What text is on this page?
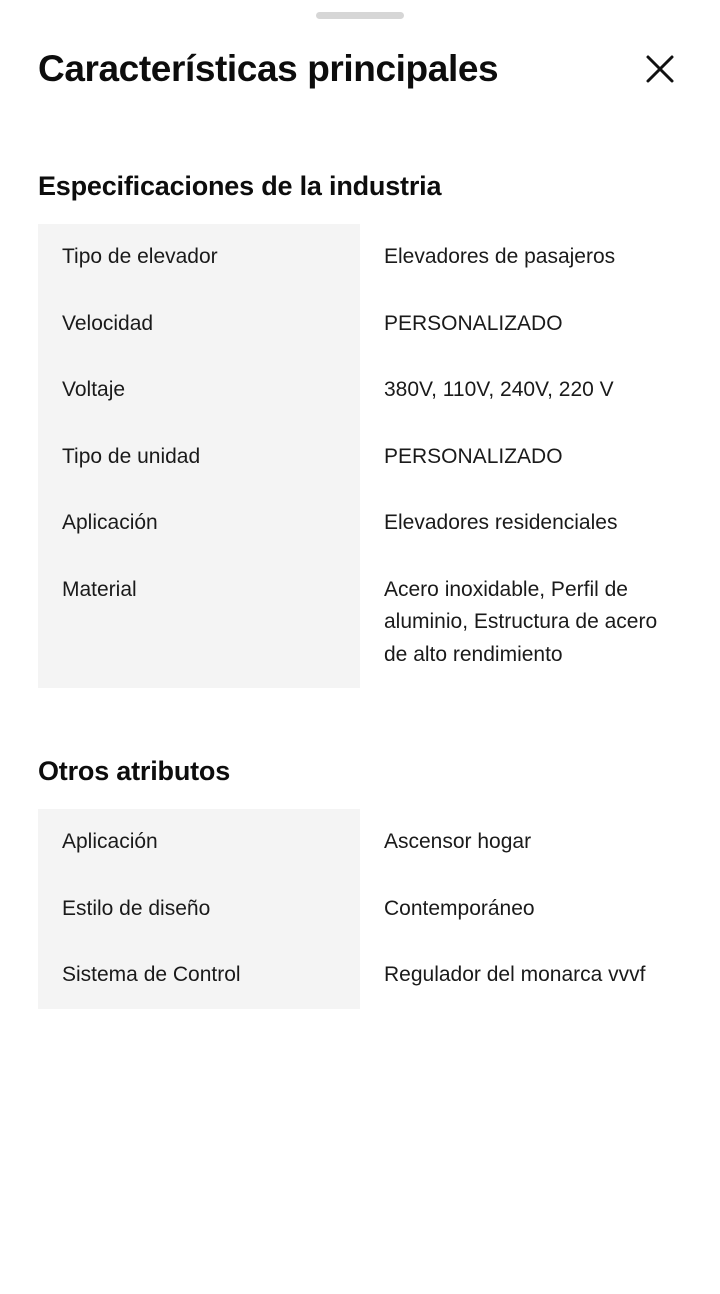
Características principales
Especificaciones de la industria
Tipo de elevador	Elevadores de pasajeros
Velocidad	PERSONALIZADO
Voltaje	380V, 110V, 240V, 220 V
Tipo de unidad	PERSONALIZADO
Aplicación	Elevadores residenciales
Material	Acero inoxidable, Perfil de aluminio, Estructura de acero de alto rendimiento
Otros atributos
Aplicación	Ascensor hogar
Estilo de diseño	Contemporáneo
Sistema de Control	Regulador del monarca vvvf
